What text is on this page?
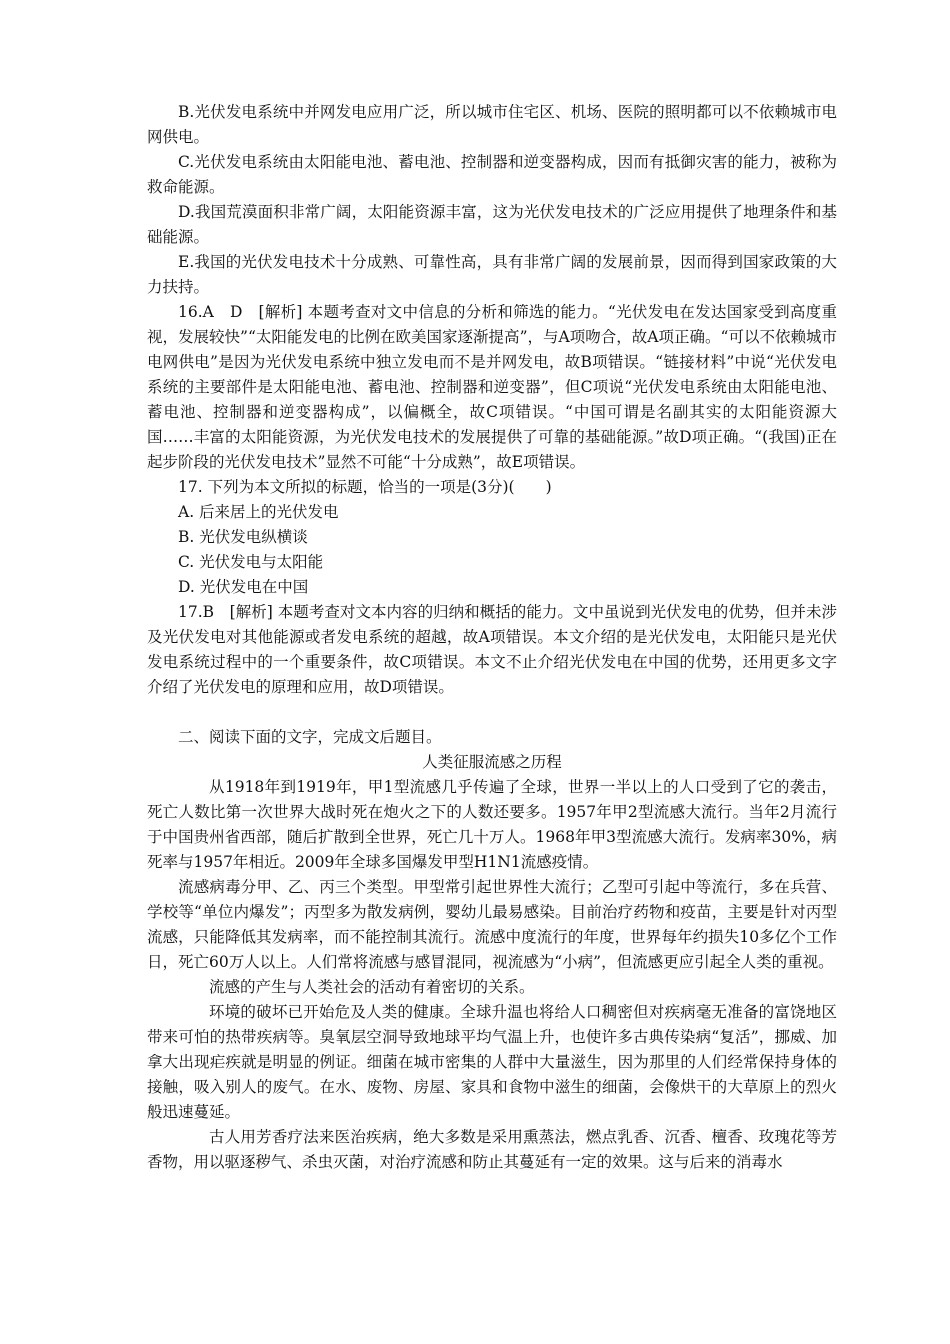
B.光伏发电系统中并网发电应用广泛，所以城市住宅区、机场、医院的照明都可以不依赖城市电网供电。

C.光伏发电系统由太阳能电池、蓄电池、控制器和逆变器构成，因而有抵御灾害的能力，被称为救命能源。

D.我国荒漠面积非常广阔，太阳能资源丰富，这为光伏发电技术的广泛应用提供了地理条件和基础能源。

E.我国的光伏发电技术十分成熟、可靠性高，具有非常广阔的发展前景，因而得到国家政策的大力扶持。

16.A　D　[解析] 本题考查对文中信息的分析和筛选的能力。“光伏发电在发达国家受到高度重视，发展较快”“太阳能发电的比例在欧美国家逐渐提高”，与A项吻合，故A项正确。“可以不依赖城市电网供电”是因为光伏发电系统中独立发电而不是并网发电，故B项错误。“链接材料”中说“光伏发电系统的主要部件是太阳能电池、蓄电池、控制器和逆变器”，但C项说“光伏发电系统由太阳能电池、蓄电池、控制器和逆变器构成”，以偏概全，故C项错误。“中国可谓是名副其实的太阳能资源大国……丰富的太阳能资源，为光伏发电技术的发展提供了可靠的基础能源。”故D项正确。“(我国)正在起步阶段的光伏发电技术”显然不可能“十分成熟”，故E项错误。

17. 下列为本文所拟的标题，恰当的一项是(3分)(　　)

A. 后来居上的光伏发电

B. 光伏发电纵横谈

C. 光伏发电与太阳能

D. 光伏发电在中国

17.B　[解析] 本题考查对文本内容的归纳和概括的能力。文中虽说到光伏发电的优势，但并未涉及光伏发电对其他能源或者发电系统的超越，故A项错误。本文介绍的是光伏发电，太阳能只是光伏发电系统过程中的一个重要条件，故C项错误。本文不止介绍光伏发电在中国的优势，还用更多文字介绍了光伏发电的原理和应用，故D项错误。

二、阅读下面的文字，完成文后题目。

人类征服流感之历程

从1918年到1919年，甲1型流感几乎传遍了全球，世界一半以上的人口受到了它的袭击，死亡人数比第一次世界大战时死在炮火之下的人数还要多。1957年甲2型流感大流行。当年2月流行于中国贵州省西部，随后扩散到全世界，死亡几十万人。1968年甲3型流感大流行。发病率30%，病死率与1957年相近。2009年全球多国爆发甲型H1N1流感疫情。

流感病毒分甲、乙、丙三个类型。甲型常引起世界性大流行；乙型可引起中等流行，多在兵营、学校等“单位内爆发”；丙型多为散发病例，婴幼儿最易感染。目前治疗药物和疫苗，主要是针对丙型流感，只能降低其发病率，而不能控制其流行。流感中度流行的年度，世界每年约损失10多亿个工作日，死亡60万人以上。人们常将流感与感冒混同，视流感为“小病”，但流感更应引起全人类的重视。

流感的产生与人类社会的活动有着密切的关系。

环境的破坏已开始危及人类的健康。全球升温也将给人口稠密但对疾病毫无准备的富饶地区带来可怕的热带疾病等。臭氧层空洞导致地球平均气温上升，也使许多古典传染病“复活”，挪威、加拿大出现疟疾就是明显的例证。细菌在城市密集的人群中大量滋生，因为那里的人们经常保持身体的接触，吸入别人的废气。在水、废物、房屋、家具和食物中滋生的细菌，会像烘干的大草原上的烈火般迅速蔓延。

古人用芳香疗法来医治疾病，绝大多数是采用熏蒸法，燃点乳香、沉香、檀香、玫瑰花等芳香物，用以驱逐秽气、杀虫灭菌，对治疗流感和防止其蔓延有一定的效果。这与后来的消毒水
